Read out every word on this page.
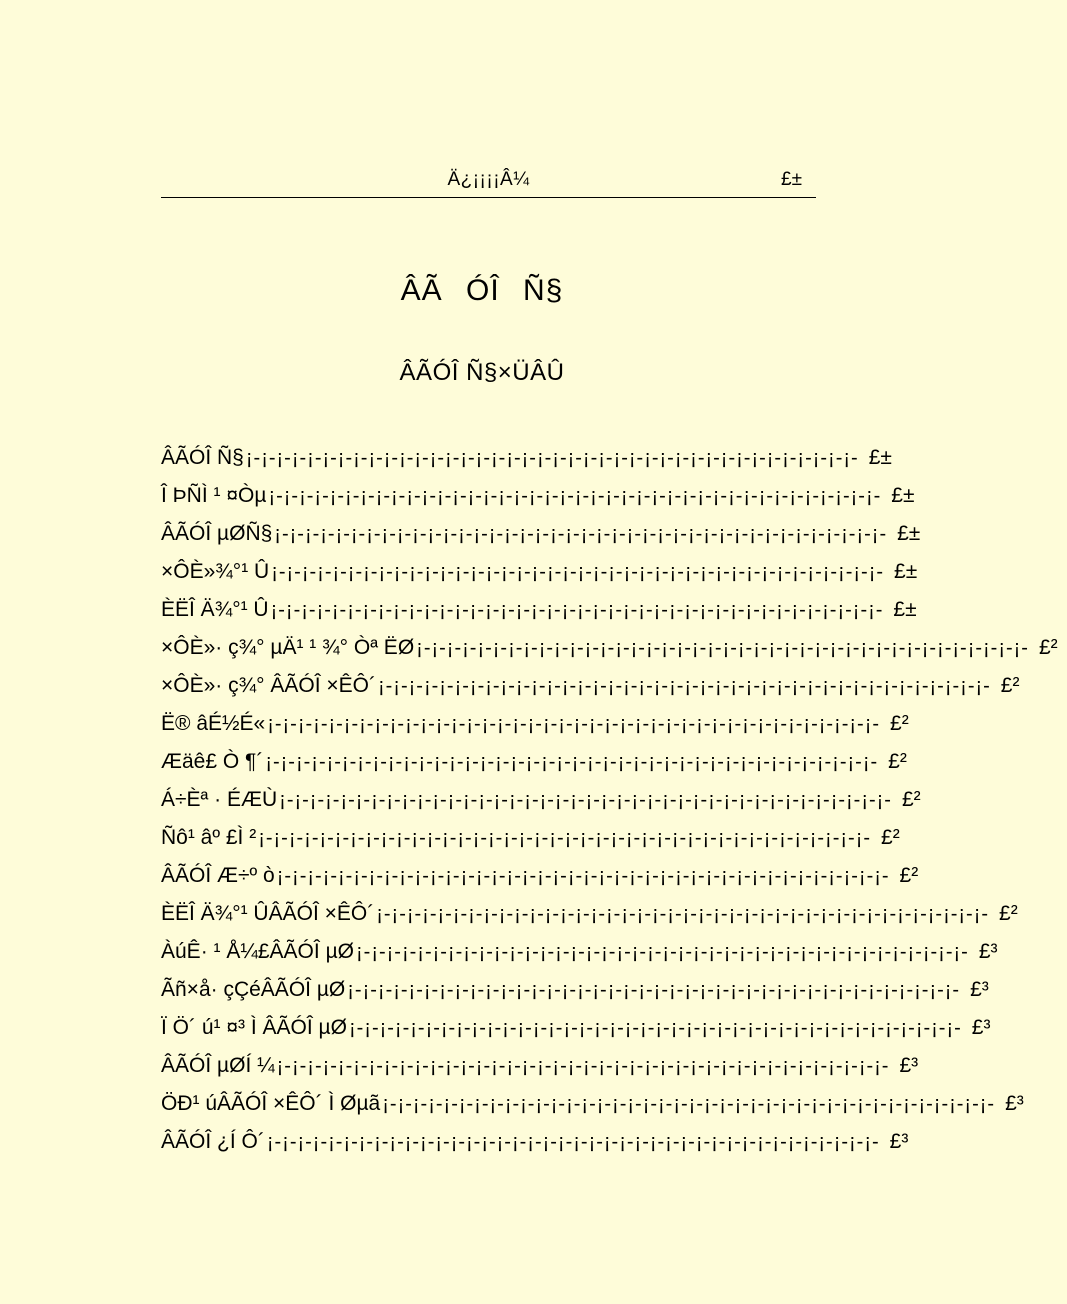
Ä¿¡¡¡¡Â¼	£±
ÂÃ ÓÎ Ñ§
ÂÃÓÎ Ñ§×ÜÂÛ
ÂÃÓÎ Ñ§ ¡-¡-¡-¡-¡-¡-¡-¡-¡-¡-¡-¡-¡-¡-¡-¡-¡-¡-¡-¡-¡-¡-¡-¡-¡-¡-¡-¡-¡-¡-¡-¡-¡-¡-¡-¡-¡-¡-¡-¡- £±
Î ÞÑÌ ¹ ¤Òµ ¡-¡-¡-¡-¡-¡-¡-¡-¡-¡-¡-¡-¡-¡-¡-¡-¡-¡-¡-¡-¡-¡-¡-¡-¡-¡-¡-¡-¡-¡-¡-¡-¡-¡-¡-¡-¡-¡-¡-¡- £±
ÂÃÓÎ µØÑ§ ¡-¡-¡-¡-¡-¡-¡-¡-¡-¡-¡-¡-¡-¡-¡-¡-¡-¡-¡-¡-¡-¡-¡-¡-¡-¡-¡-¡-¡-¡-¡-¡-¡-¡-¡-¡-¡-¡-¡-¡- £±
×ÔÈ»¾°¹ Û ¡-¡-¡-¡-¡-¡-¡-¡-¡-¡-¡-¡-¡-¡-¡-¡-¡-¡-¡-¡-¡-¡-¡-¡-¡-¡-¡-¡-¡-¡-¡-¡-¡-¡-¡-¡-¡-¡-¡-¡- £±
ÈËÎ Ä¾°¹ Û ¡-¡-¡-¡-¡-¡-¡-¡-¡-¡-¡-¡-¡-¡-¡-¡-¡-¡-¡-¡-¡-¡-¡-¡-¡-¡-¡-¡-¡-¡-¡-¡-¡-¡-¡-¡-¡-¡-¡-¡- £±
×ÔÈ»· ç¾° µÄ¹ ¹ ¾° Òª ËØ ¡-¡-¡-¡-¡-¡-¡-¡-¡-¡-¡-¡-¡-¡-¡-¡-¡-¡-¡-¡-¡-¡-¡-¡-¡-¡-¡-¡-¡-¡-¡-¡-¡-¡-¡-¡-¡-¡-¡-¡- £²
×ÔÈ»· ç¾° ÂÃÓÎ ×ÊÔ´ ¡-¡-¡-¡-¡-¡-¡-¡-¡-¡-¡-¡-¡-¡-¡-¡-¡-¡-¡-¡-¡-¡-¡-¡-¡-¡-¡-¡-¡-¡-¡-¡-¡-¡-¡-¡-¡-¡-¡-¡- £²
Ë® âÉ½É« ¡-¡-¡-¡-¡-¡-¡-¡-¡-¡-¡-¡-¡-¡-¡-¡-¡-¡-¡-¡-¡-¡-¡-¡-¡-¡-¡-¡-¡-¡-¡-¡-¡-¡-¡-¡-¡-¡-¡-¡- £²
Æäê£ Ò ¶´ ¡-¡-¡-¡-¡-¡-¡-¡-¡-¡-¡-¡-¡-¡-¡-¡-¡-¡-¡-¡-¡-¡-¡-¡-¡-¡-¡-¡-¡-¡-¡-¡-¡-¡-¡-¡-¡-¡-¡-¡- £²
Á÷Èª · ÉÆÙ ¡-¡-¡-¡-¡-¡-¡-¡-¡-¡-¡-¡-¡-¡-¡-¡-¡-¡-¡-¡-¡-¡-¡-¡-¡-¡-¡-¡-¡-¡-¡-¡-¡-¡-¡-¡-¡-¡-¡-¡- £²
Ñô¹ âº £Ì ² ¡-¡-¡-¡-¡-¡-¡-¡-¡-¡-¡-¡-¡-¡-¡-¡-¡-¡-¡-¡-¡-¡-¡-¡-¡-¡-¡-¡-¡-¡-¡-¡-¡-¡-¡-¡-¡-¡-¡-¡- £²
ÂÃÓÎ Æ÷º ò ¡-¡-¡-¡-¡-¡-¡-¡-¡-¡-¡-¡-¡-¡-¡-¡-¡-¡-¡-¡-¡-¡-¡-¡-¡-¡-¡-¡-¡-¡-¡-¡-¡-¡-¡-¡-¡-¡-¡-¡- £²
ÈËÎ Ä¾°¹ ÛÂÃÓÎ ×ÊÔ´ ¡-¡-¡-¡-¡-¡-¡-¡-¡-¡-¡-¡-¡-¡-¡-¡-¡-¡-¡-¡-¡-¡-¡-¡-¡-¡-¡-¡-¡-¡-¡-¡-¡-¡-¡-¡-¡-¡-¡-¡- £²
ÀúÊ· ¹ Å¼£ÂÃÓÎ µØ ¡-¡-¡-¡-¡-¡-¡-¡-¡-¡-¡-¡-¡-¡-¡-¡-¡-¡-¡-¡-¡-¡-¡-¡-¡-¡-¡-¡-¡-¡-¡-¡-¡-¡-¡-¡-¡-¡-¡-¡- £³
Ãñ×å· çÇéÂÃÓÎ µØ ¡-¡-¡-¡-¡-¡-¡-¡-¡-¡-¡-¡-¡-¡-¡-¡-¡-¡-¡-¡-¡-¡-¡-¡-¡-¡-¡-¡-¡-¡-¡-¡-¡-¡-¡-¡-¡-¡-¡-¡- £³
Ï Ö´ ú¹ ¤³ Ì ÂÃÓÎ µØ ¡-¡-¡-¡-¡-¡-¡-¡-¡-¡-¡-¡-¡-¡-¡-¡-¡-¡-¡-¡-¡-¡-¡-¡-¡-¡-¡-¡-¡-¡-¡-¡-¡-¡-¡-¡-¡-¡-¡-¡- £³
ÂÃÓÎ µØÍ ¼ ¡-¡-¡-¡-¡-¡-¡-¡-¡-¡-¡-¡-¡-¡-¡-¡-¡-¡-¡-¡-¡-¡-¡-¡-¡-¡-¡-¡-¡-¡-¡-¡-¡-¡-¡-¡-¡-¡-¡-¡- £³
ÖÐ¹ úÂÃÓÎ ×ÊÔ´ Ì Øµã ¡-¡-¡-¡-¡-¡-¡-¡-¡-¡-¡-¡-¡-¡-¡-¡-¡-¡-¡-¡-¡-¡-¡-¡-¡-¡-¡-¡-¡-¡-¡-¡-¡-¡-¡-¡-¡-¡-¡-¡- £³
ÂÃÓÎ ¿Í Ô´ ¡-¡-¡-¡-¡-¡-¡-¡-¡-¡-¡-¡-¡-¡-¡-¡-¡-¡-¡-¡-¡-¡-¡-¡-¡-¡-¡-¡-¡-¡-¡-¡-¡-¡-¡-¡-¡-¡-¡-¡- £³
